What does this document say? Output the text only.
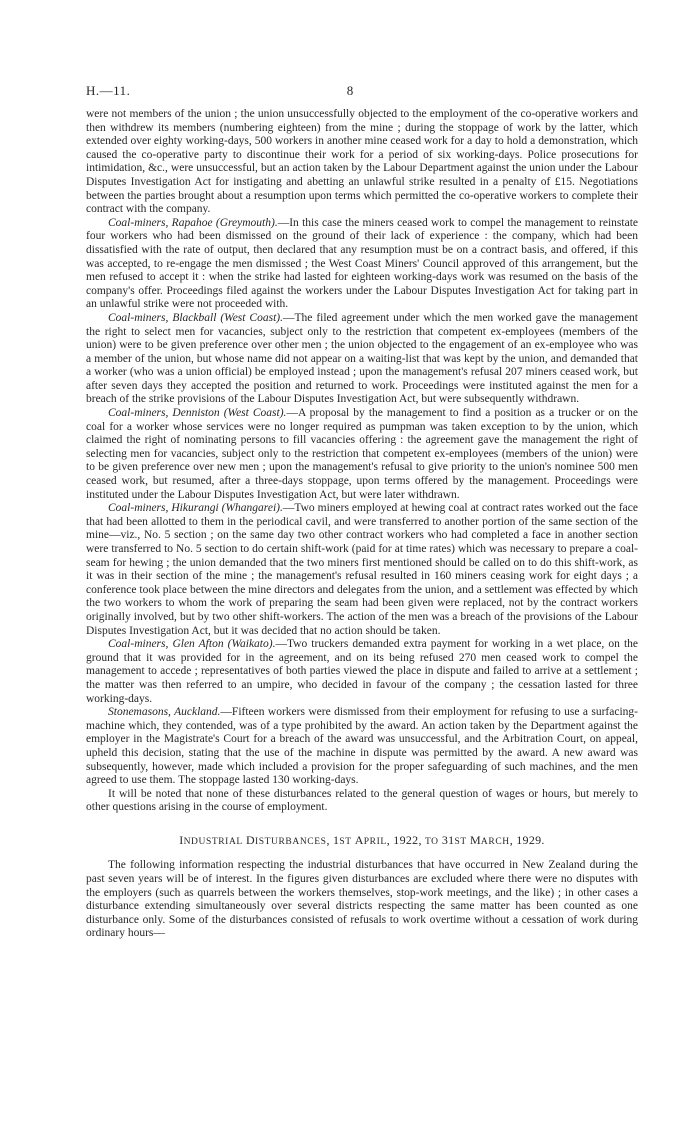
H.—11.	8

were not members of the union ; the union unsuccessfully objected to the employment of the co-operative workers and then withdrew its members (numbering eighteen) from the mine ; during the stoppage of work by the latter, which extended over eighty working-days, 500 workers in another mine ceased work for a day to hold a demonstration, which caused the co-operative party to discontinue their work for a period of six working-days. Police prosecutions for intimidation, &c., were unsuccessful, but an action taken by the Labour Department against the union under the Labour Disputes Investigation Act for instigating and abetting an unlawful strike resulted in a penalty of £15. Negotiations between the parties brought about a resumption upon terms which permitted the co-operative workers to complete their contract with the company.

Coal-miners, Rapahoe (Greymouth).—In this case the miners ceased work to compel the management to reinstate four workers who had been dismissed on the ground of their lack of experience : the company, which had been dissatisfied with the rate of output, then declared that any resumption must be on a contract basis, and offered, if this was accepted, to re-engage the men dismissed ; the West Coast Miners' Council approved of this arrangement, but the men refused to accept it : when the strike had lasted for eighteen working-days work was resumed on the basis of the company's offer. Proceedings filed against the workers under the Labour Disputes Investigation Act for taking part in an unlawful strike were not proceeded with.

Coal-miners, Blackball (West Coast).—The filed agreement under which the men worked gave the management the right to select men for vacancies, subject only to the restriction that competent ex-employees (members of the union) were to be given preference over other men ; the union objected to the engagement of an ex-employee who was a member of the union, but whose name did not appear on a waiting-list that was kept by the union, and demanded that a worker (who was a union official) be employed instead ; upon the management's refusal 207 miners ceased work, but after seven days they accepted the position and returned to work. Proceedings were instituted against the men for a breach of the strike provisions of the Labour Disputes Investigation Act, but were subsequently withdrawn.

Coal-miners, Denniston (West Coast).—A proposal by the management to find a position as a trucker or on the coal for a worker whose services were no longer required as pumpman was taken exception to by the union, which claimed the right of nominating persons to fill vacancies offering : the agreement gave the management the right of selecting men for vacancies, subject only to the restriction that competent ex-employees (members of the union) were to be given preference over new men ; upon the management's refusal to give priority to the union's nominee 500 men ceased work, but resumed, after a three-days stoppage, upon terms offered by the management. Proceedings were instituted under the Labour Disputes Investigation Act, but were later withdrawn.

Coal-miners, Hikurangi (Whangarei).—Two miners employed at hewing coal at contract rates worked out the face that had been allotted to them in the periodical cavil, and were transferred to another portion of the same section of the mine—viz., No. 5 section ; on the same day two other contract workers who had completed a face in another section were transferred to No. 5 section to do certain shift-work (paid for at time rates) which was necessary to prepare a coal-seam for hewing ; the union demanded that the two miners first mentioned should be called on to do this shift-work, as it was in their section of the mine ; the management's refusal resulted in 160 miners ceasing work for eight days ; a conference took place between the mine directors and delegates from the union, and a settlement was effected by which the two workers to whom the work of preparing the seam had been given were replaced, not by the contract workers originally involved, but by two other shift-workers. The action of the men was a breach of the provisions of the Labour Disputes Investigation Act, but it was decided that no action should be taken.

Coal-miners, Glen Afton (Waikato).—Two truckers demanded extra payment for working in a wet place, on the ground that it was provided for in the agreement, and on its being refused 270 men ceased work to compel the management to accede ; representatives of both parties viewed the place in dispute and failed to arrive at a settlement ; the matter was then referred to an umpire, who decided in favour of the company ; the cessation lasted for three working-days.

Stonemasons, Auckland.—Fifteen workers were dismissed from their employment for refusing to use a surfacing-machine which, they contended, was of a type prohibited by the award. An action taken by the Department against the employer in the Magistrate's Court for a breach of the award was unsuccessful, and the Arbitration Court, on appeal, upheld this decision, stating that the use of the machine in dispute was permitted by the award. A new award was subsequently, however, made which included a provision for the proper safeguarding of such machines, and the men agreed to use them. The stoppage lasted 130 working-days.

It will be noted that none of these disturbances related to the general question of wages or hours, but merely to other questions arising in the course of employment.

INDUSTRIAL DISTURBANCES, 1ST APRIL, 1922, TO 31ST MARCH, 1929.

The following information respecting the industrial disturbances that have occurred in New Zealand during the past seven years will be of interest. In the figures given disturbances are excluded where there were no disputes with the employers (such as quarrels between the workers themselves, stop-work meetings, and the like) ; in other cases a disturbance extending simultaneously over several districts respecting the same matter has been counted as one disturbance only. Some of the disturbances consisted of refusals to work overtime without a cessation of work during ordinary hours—
